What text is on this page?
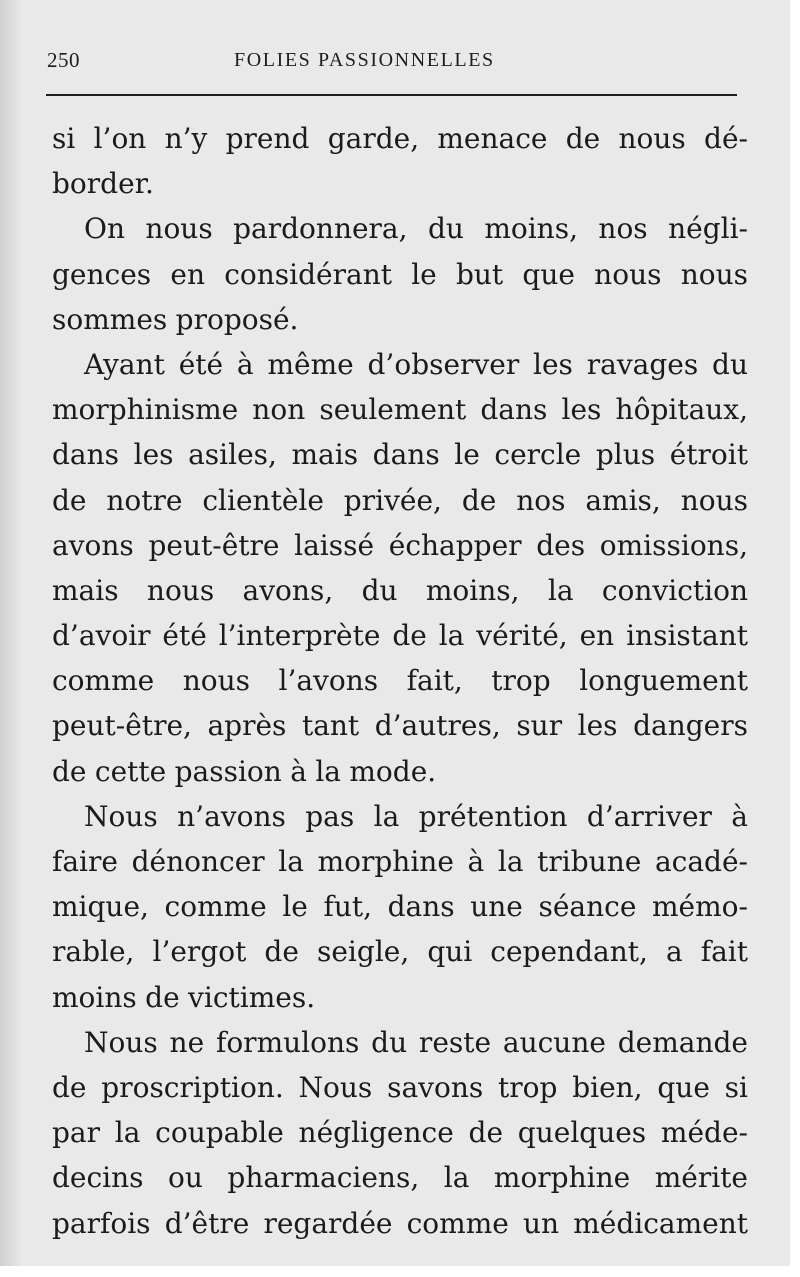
250	FOLIES PASSIONNELLES
si l’on n’y prend garde, menace de nous dé-
border.
On nous pardonnera, du moins, nos négli-
gences en considérant le but que nous nous
sommes proposé.
Ayant été à même d’observer les ravages du
morphinisme non seulement dans les hôpitaux,
dans les asiles, mais dans le cercle plus étroit
de notre clientèle privée, de nos amis, nous
avons peut-être laissé échapper des omissions,
mais nous avons, du moins, la conviction
d’avoir été l’interprète de la vérité, en insistant
comme nous l’avons fait, trop longuement
peut-être, après tant d’autres, sur les dangers
de cette passion à la mode.
Nous n’avons pas la prétention d’arriver à
faire dénoncer la morphine à la tribune acadé-
mique, comme le fut, dans une séance mémo-
rable, l’ergot de seigle, qui cependant, a fait
moins de victimes.
Nous ne formulons du reste aucune demande
de proscription. Nous savons trop bien, que si
par la coupable négligence de quelques méde-
decins ou pharmaciens, la morphine mérite
parfois d’être regardée comme un médicament
